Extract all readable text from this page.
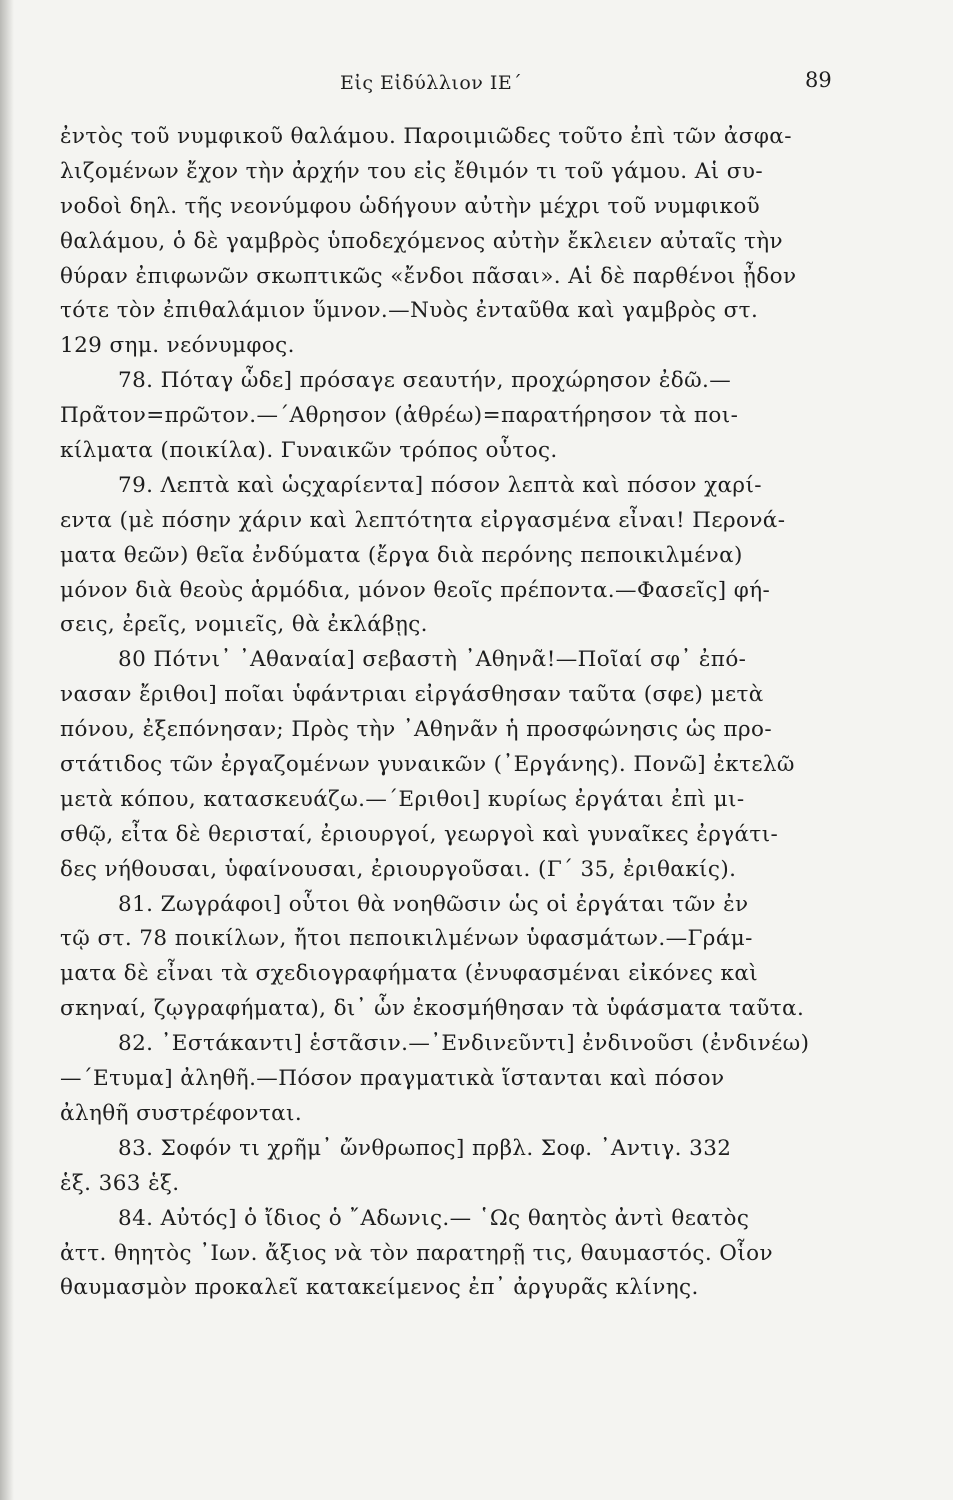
Εἰς Εἰδύλλιον ΙΕ΄	89
ἐντὸς τοῦ νυμφικοῦ θαλάμου. Παροιμιῶδες τοῦτο ἐπὶ τῶν ἀσφα-
λιζομένων ἔχον τὴν ἀρχήν του εἰς ἔθιμόν τι τοῦ γάμου. Αἱ συ-
νοδοὶ δηλ. τῆς νεονύμφου ὡδήγουν αὐτὴν μέχρι τοῦ νυμφικοῦ
θαλάμου, ὁ δὲ γαμβρὸς ὑποδεχόμενος αὐτὴν ἔκλειεν αὐταῖς τὴν
θύραν ἐπιφωνῶν σκωπτικῶς «ἔνδοι πᾶσαι». Αἱ δὲ παρθένοι ᾖδον
τότε τὸν ἐπιθαλάμιον ὕμνον.—Νυὸς ἐνταῦθα καὶ γαμβρὸς στ.
129 σημ. νεόνυμφος.
78. Πόταγ ὧδε] πρόσαγε σεαυτήν, προχώρησον ἐδῶ.—
Πρᾶτον=πρῶτον.—΄Αθρησον (ἀθρέω)=παρατήρησον τὰ ποι-
κίλματα (ποικίλα). Γυναικῶν τρόπος οὗτος.
79. Λεπτὰ καὶ ὡςχαρίεντα] πόσον λεπτὰ καὶ πόσον χαρί-
εντα (μὲ πόσην χάριν καὶ λεπτότητα εἰργασμένα εἶναι! Περονά-
ματα θεῶν) θεῖα ἐνδύματα (ἔργα διὰ περόνης πεποικιλμένα)
μόνον διὰ θεοὺς ἁρμόδια, μόνον θεοῖς πρέποντα.—Φασεῖς] φή-
σεις, ἐρεῖς, νομιεῖς, θὰ ἐκλάβῃς.
80 Πότνι᾿ ᾿Αθαναία] σεβαστὴ ᾿Αθηνᾶ!—Ποῖαί σφ᾿ ἐπό-
νασαν ἔριθοι] ποῖαι ὑφάντριαι εἰργάσθησαν ταῦτα (σφε) μετὰ
πόνου, ἐξεπόνησαν; Πρὸς τὴν ᾿Αθηνᾶν ἡ προσφώνησις ὡς προ-
στάτιδος τῶν ἐργαζομένων γυναικῶν (᾿Εργάνης). Πονῶ] ἐκτελῶ
μετὰ κόπου, κατασκευάζω.—΄Εριθοι] κυρίως ἐργάται ἐπὶ μι-
σθῷ, εἶτα δὲ θερισταί, ἐριουργοί, γεωργοὶ καὶ γυναῖκες ἐργάτι-
δες νήθουσαι, ὑφαίνουσαι, ἐριουργοῦσαι. (Γ΄ 35, ἐριθακίς).
81. Ζωγράφοι] οὗτοι θὰ νοηθῶσιν ὡς οἱ ἐργάται τῶν ἐν
τῷ στ. 78 ποικίλων, ἤτοι πεποικιλμένων ὑφασμάτων.—Γράμ-
ματα δὲ εἶναι τὰ σχεδιογραφήματα (ἐνυφασμέναι εἰκόνες καὶ
σκηναί, ζῳγραφήματα), δι᾿ ὧν ἐκοσμήθησαν τὰ ὑφάσματα ταῦτα.
82. ᾿Εστάκαντι] ἑστᾶσιν.—᾿Ενδινεῦντι] ἐνδινοῦσι (ἐνδινέω)
—΄Ετυμα] ἀληθῆ.—Πόσον πραγματικὰ ἵστανται καὶ πόσον
ἀληθῆ συστρέφονται.
83. Σοφόν τι χρῆμ᾿ ὤνθρωπος] πρβλ. Σοφ. ᾿Αντιγ. 332
ἑξ. 363 ἑξ.
84. Αὐτός] ὁ ἴδιος ὁ ῎Αδωνις.— ῾Ως θαητὸς ἀντὶ θεατὸς
ἀττ. θηητὸς ᾿Ιων. ἄξιος νὰ τὸν παρατηρῇ τις, θαυμαστός. Οἷον
θαυμασμὸν προκαλεῖ κατακείμενος ἐπ᾿ ἀργυρᾶς κλίνης.
